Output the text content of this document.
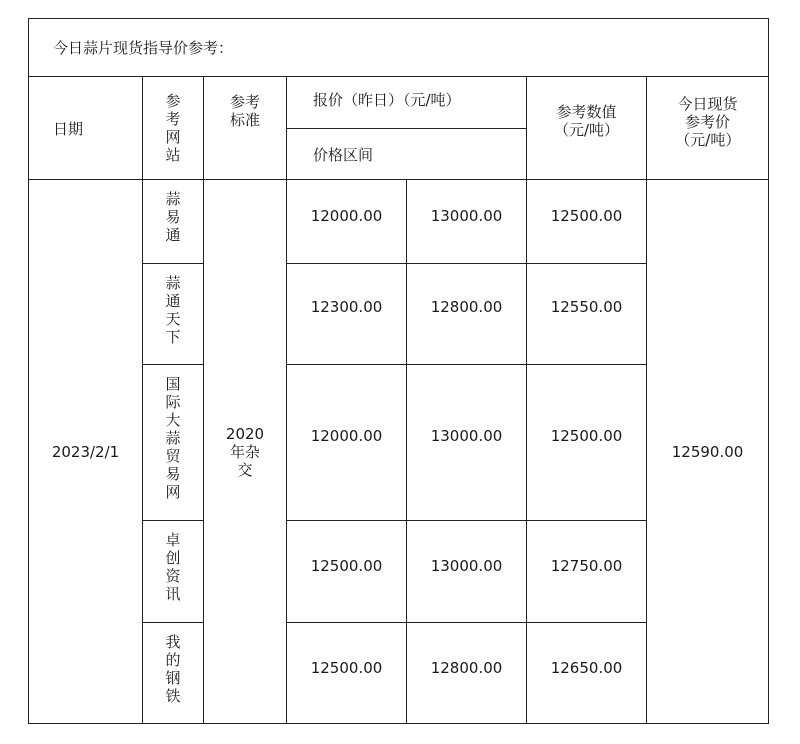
今日蒜片现货指导价参考：						
日期	参考网站	参考标准	报价（昨日）（元/吨）		参考数值（元/吨）	今日现货参考价（元/吨）
			价格区间			
2023/2/1	蒜易通	2020年杂交	12000.00	13000.00	12500.00	12590.00
	蒜通天下		12300.00	12800.00	12550.00	
	国际大蒜贸易网		12000.00	13000.00	12500.00	
	卓创资讯		12500.00	13000.00	12750.00	
	我的钢铁		12500.00	12800.00	12650.00	
